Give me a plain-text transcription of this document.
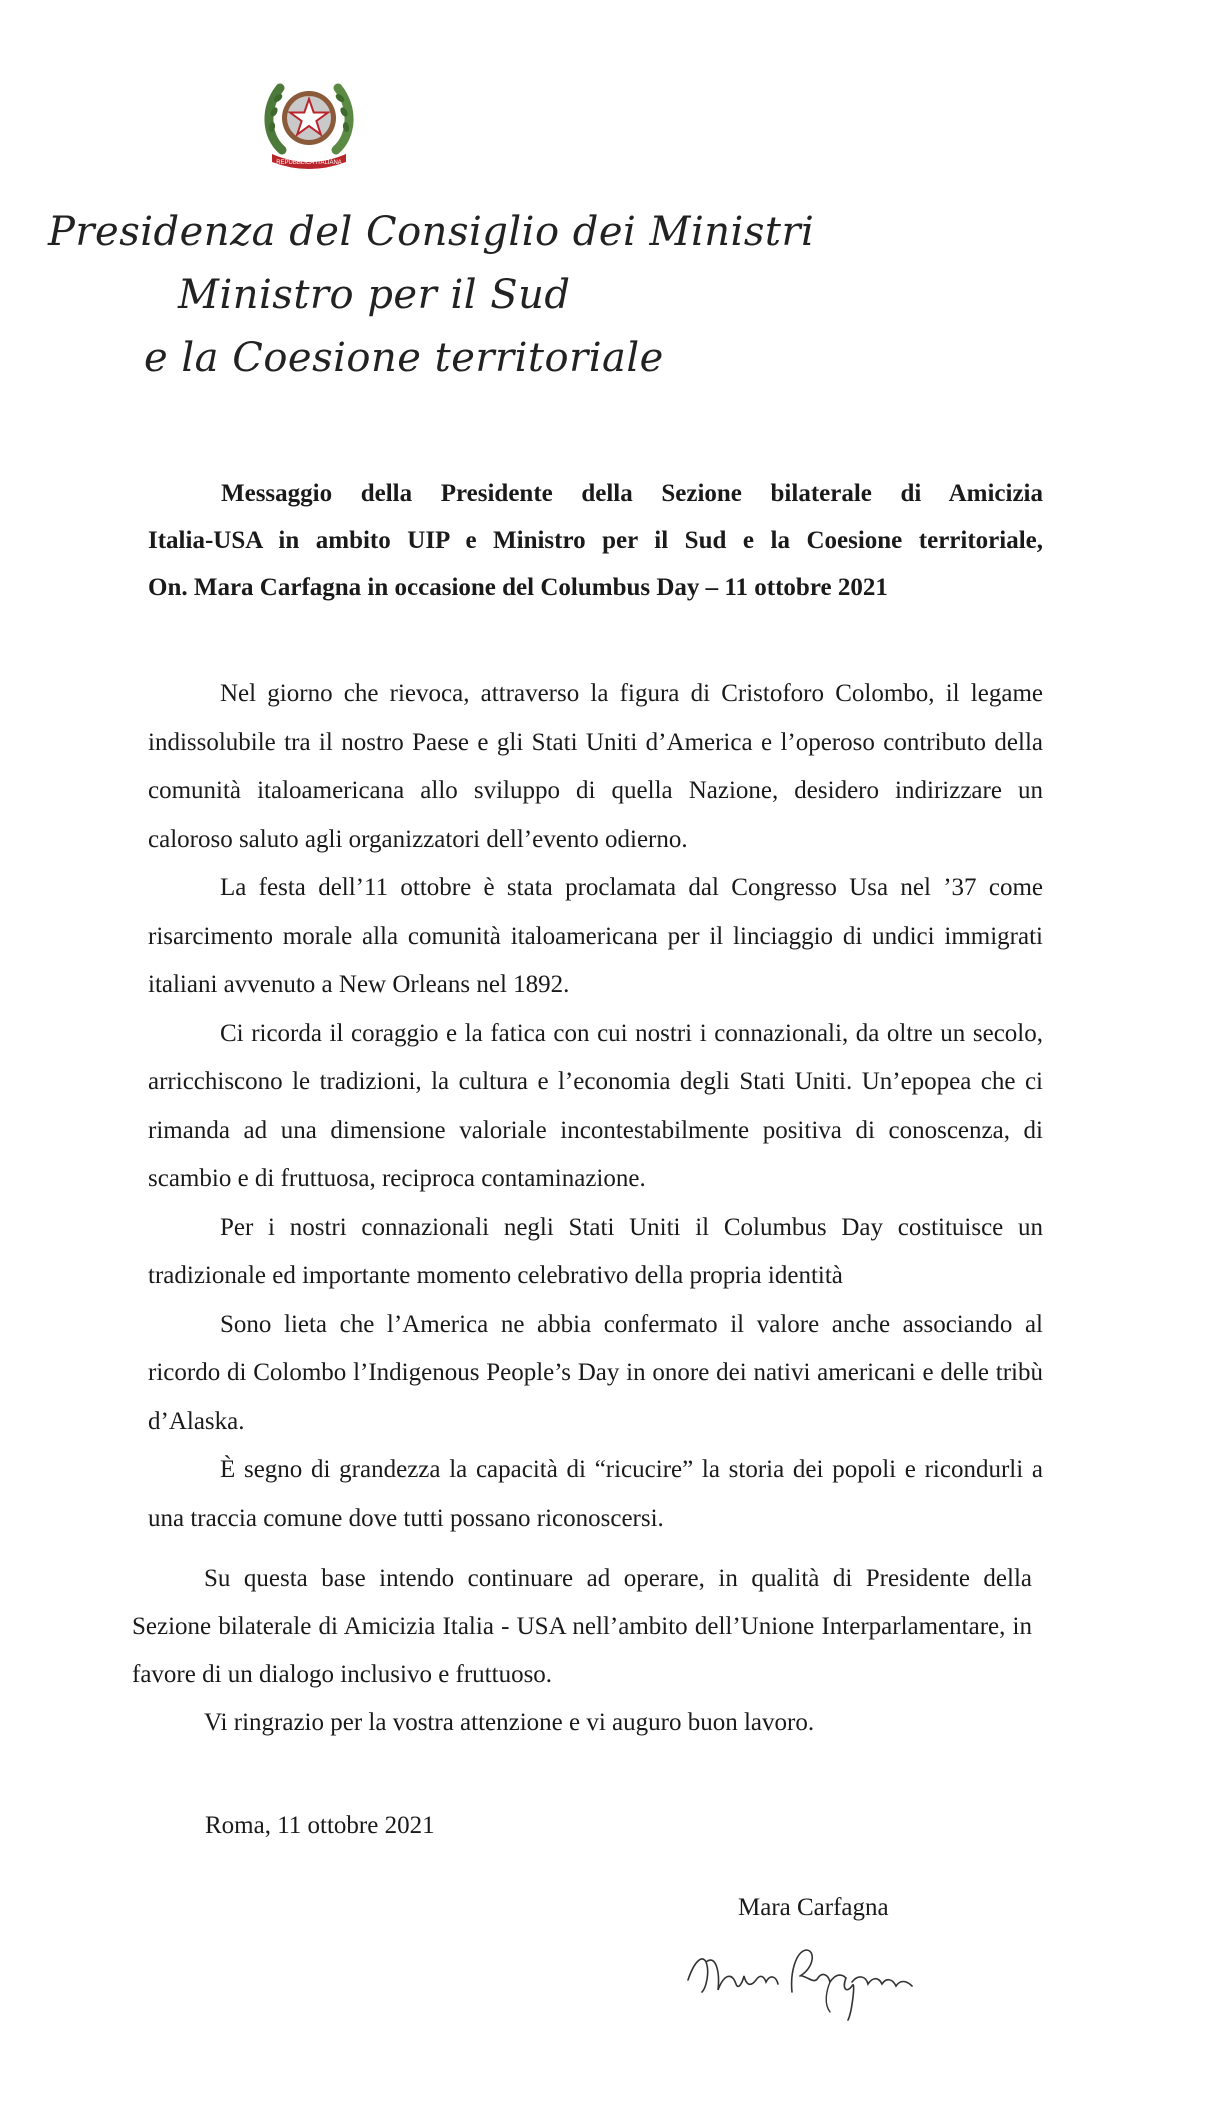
REPUBBLICA ITALIANA
Presidenza del Consiglio dei Ministri
Ministro per il Sud
e la Coesione territoriale
Messaggio della Presidente della Sezione bilaterale di Amicizia
Italia-USA in ambito UIP e Ministro per il Sud e la Coesione territoriale,
On. Mara Carfagna in occasione del Columbus Day – 11 ottobre 2021

Nel giorno che rievoca, attraverso la figura di Cristoforo Colombo, il legame indissolubile tra il nostro Paese e gli Stati Uniti d’America e l’operoso contributo della comunità italoamericana allo sviluppo di quella Nazione, desidero indirizzare un caloroso saluto agli organizzatori dell’evento odierno.

La festa dell’11 ottobre è stata proclamata dal Congresso Usa nel ’37 come risarcimento morale alla comunità italoamericana per il linciaggio di undici immigrati italiani avvenuto a New Orleans nel 1892.

Ci ricorda il coraggio e la fatica con cui nostri i connazionali, da oltre un secolo, arricchiscono le tradizioni, la cultura e l’economia degli Stati Uniti. Un’epopea che ci rimanda ad una dimensione valoriale incontestabilmente positiva di conoscenza, di scambio e di fruttuosa, reciproca contaminazione.

Per i nostri connazionali negli Stati Uniti il Columbus Day costituisce un tradizionale ed importante momento celebrativo della propria identità

Sono lieta che l’America ne abbia confermato il valore anche associando al ricordo di Colombo l’Indigenous People’s Day in onore dei nativi americani e delle tribù d’Alaska.

È segno di grandezza la capacità di “ricucire” la storia dei popoli e ricondurli a una traccia comune dove tutti possano riconoscersi.

Su questa base intendo continuare ad operare, in qualità di Presidente della Sezione bilaterale di Amicizia Italia - USA nell’ambito dell’Unione Interparlamentare, in favore di un dialogo inclusivo e fruttuoso.

Vi ringrazio per la vostra attenzione e vi auguro buon lavoro.

Roma, 11 ottobre 2021
Mara Carfagna
